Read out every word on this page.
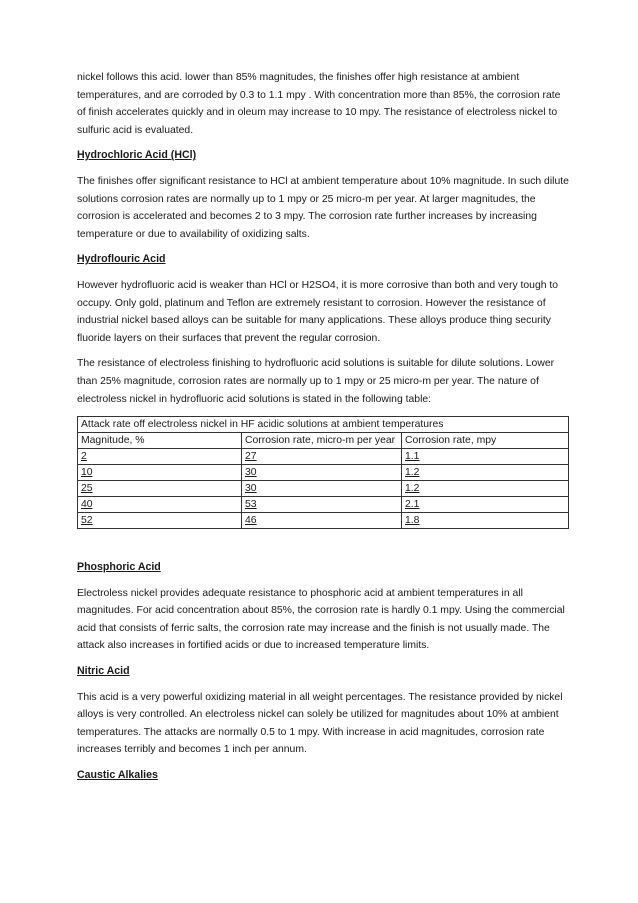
nickel follows this acid. lower than 85% magnitudes, the finishes offer high resistance at ambient temperatures, and are corroded by 0.3 to 1.1 mpy . With concentration more than 85%, the corrosion rate of finish accelerates quickly and in oleum may increase to 10 mpy. The resistance of electroless nickel to sulfuric acid is evaluated.

Hydrochloric Acid (HCl)

The finishes offer significant resistance to HCl at ambient temperature about 10% magnitude. In such dilute solutions corrosion rates are normally up to 1 mpy or 25 micro-m per year. At larger magnitudes, the corrosion is accelerated and becomes 2 to 3 mpy. The corrosion rate further increases by increasing temperature or due to availability of oxidizing salts.

Hydroflouric Acid

However hydrofluoric acid is weaker than HCl or H2SO4, it is more corrosive than both and very tough to occupy. Only gold, platinum and Teflon are extremely resistant to corrosion. However the resistance of industrial nickel based alloys can be suitable for many applications. These alloys produce thing security fluoride layers on their surfaces that prevent the regular corrosion.

The resistance of electroless finishing to hydrofluoric acid solutions is suitable for dilute solutions. Lower than 25% magnitude, corrosion rates are normally up to 1 mpy or 25 micro-m per year. The nature of electroless nickel in hydrofluoric acid solutions is stated in the following table:

Attack rate off electroless nickel in HF acidic solutions at ambient temperatures		
Magnitude, %	Corrosion rate, micro-m per year	Corrosion rate, mpy
2	27	1.1
10	30	1.2
25	30	1.2
40	53	2.1
52	46	1.8
Phosphoric Acid

Electroless nickel provides adequate resistance to phosphoric acid at ambient temperatures in all magnitudes. For acid concentration about 85%, the corrosion rate is hardly 0.1 mpy. Using the commercial acid that consists of ferric salts, the corrosion rate may increase and the finish is not usually made. The attack also increases in fortified acids or due to increased temperature limits.

Nitric Acid

This acid is a very powerful oxidizing material in all weight percentages. The resistance provided by nickel alloys is very controlled. An electroless nickel can solely be utilized for magnitudes about 10% at ambient temperatures. The attacks are normally 0.5 to 1 mpy. With increase in acid magnitudes, corrosion rate increases terribly and becomes 1 inch per annum.

Caustic Alkalies
